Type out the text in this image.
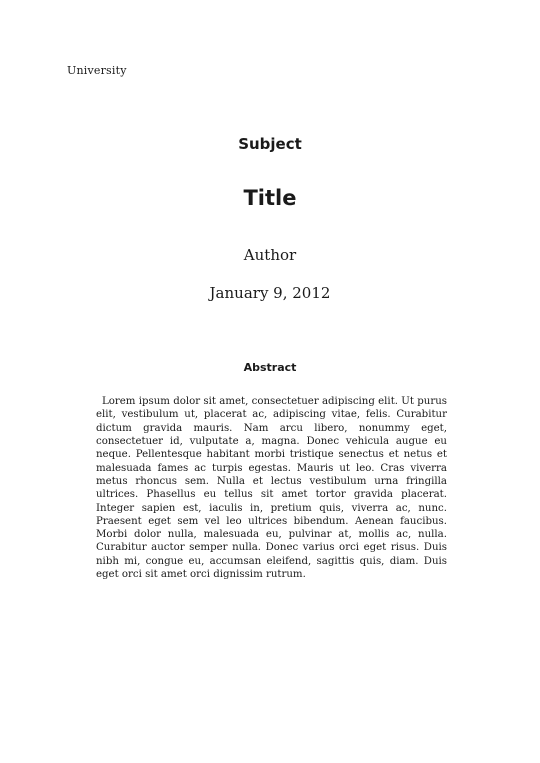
University
Subject
Title
Author
January 9, 2012
Abstract

Lorem ipsum dolor sit amet, consectetuer adipiscing elit. Ut purus elit, vestibulum ut, placerat ac, adipiscing vitae, felis. Curabitur dictum gravida mauris. Nam arcu libero, nonummy eget, consectetuer id, vulputate a, magna. Donec vehicula augue eu neque. Pellentesque habitant morbi tristique senectus et netus et malesuada fames ac turpis egestas. Mauris ut leo. Cras viverra metus rhoncus sem. Nulla et lectus vestibulum urna fringilla ultrices. Phasellus eu tellus sit amet tortor gravida placerat. Integer sapien est, iaculis in, pretium quis, viverra ac, nunc. Praesent eget sem vel leo ultrices bibendum. Aenean faucibus. Morbi dolor nulla, malesuada eu, pulvinar at, mollis ac, nulla. Curabitur auctor semper nulla. Donec varius orci eget risus. Duis nibh mi, congue eu, accumsan eleifend, sagittis quis, diam. Duis eget orci sit amet orci dignissim rutrum.
